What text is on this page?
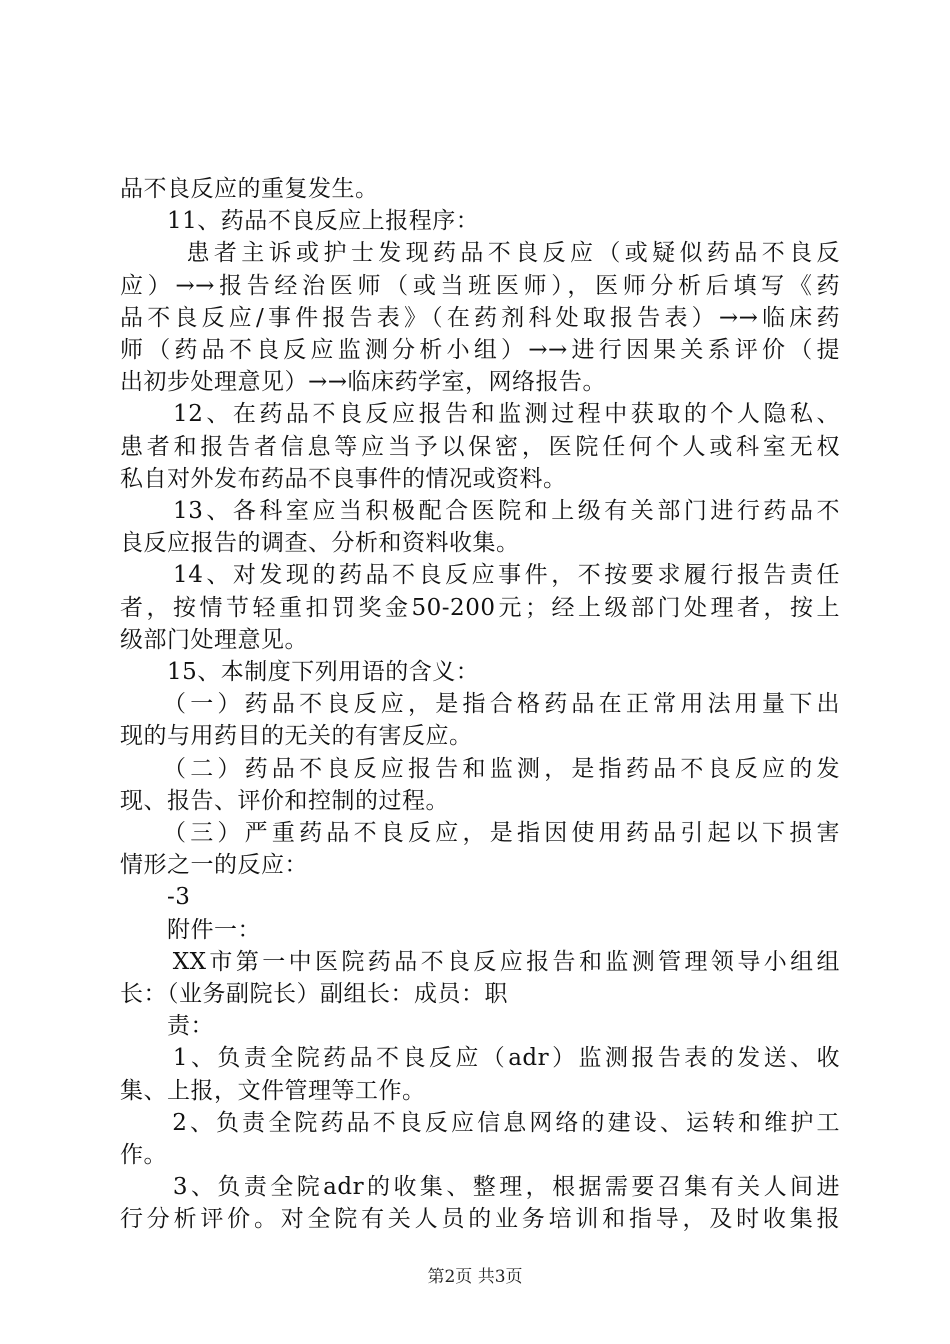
品不良反应的重复发生。
　　11、药品不良反应上报程序：
　　 患者主诉或护士发现药品不良反应（或疑似药品不良反
应）→→报告经治医师（或当班医师），医师分析后填写《药
品不良反应/事件报告表》（在药剂科处取报告表）→→临床药
师（药品不良反应监测分析小组）→→进行因果关系评价（提
出初步处理意见）→→临床药学室，网络报告。
　　12、在药品不良反应报告和监测过程中获取的个人隐私、
患者和报告者信息等应当予以保密，医院任何个人或科室无权
私自对外发布药品不良事件的情况或资料。
　　13、各科室应当积极配合医院和上级有关部门进行药品不
良反应报告的调查、分析和资料收集。
　　14、对发现的药品不良反应事件，不按要求履行报告责任
者，按情节轻重扣罚奖金50-200元；经上级部门处理者，按上
级部门处理意见。
　　15、本制度下列用语的含义：
　　（一）药品不良反应，是指合格药品在正常用法用量下出
现的与用药目的无关的有害反应。
　　（二）药品不良反应报告和监测，是指药品不良反应的发
现、报告、评价和控制的过程。
　　（三）严重药品不良反应，是指因使用药品引起以下损害
情形之一的反应：
　　-3
　　附件一：
　　XX市第一中医院药品不良反应报告和监测管理领导小组组
长：（业务副院长）副组长：成员：职
　　责：
　　1、负责全院药品不良反应（adr）监测报告表的发送、收
集、上报，文件管理等工作。
　　2、负责全院药品不良反应信息网络的建设、运转和维护工
作。
　　3、负责全院adr的收集、整理，根据需要召集有关人间进
行分析评价。对全院有关人员的业务培训和指导，及时收集报
第2页 共3页
